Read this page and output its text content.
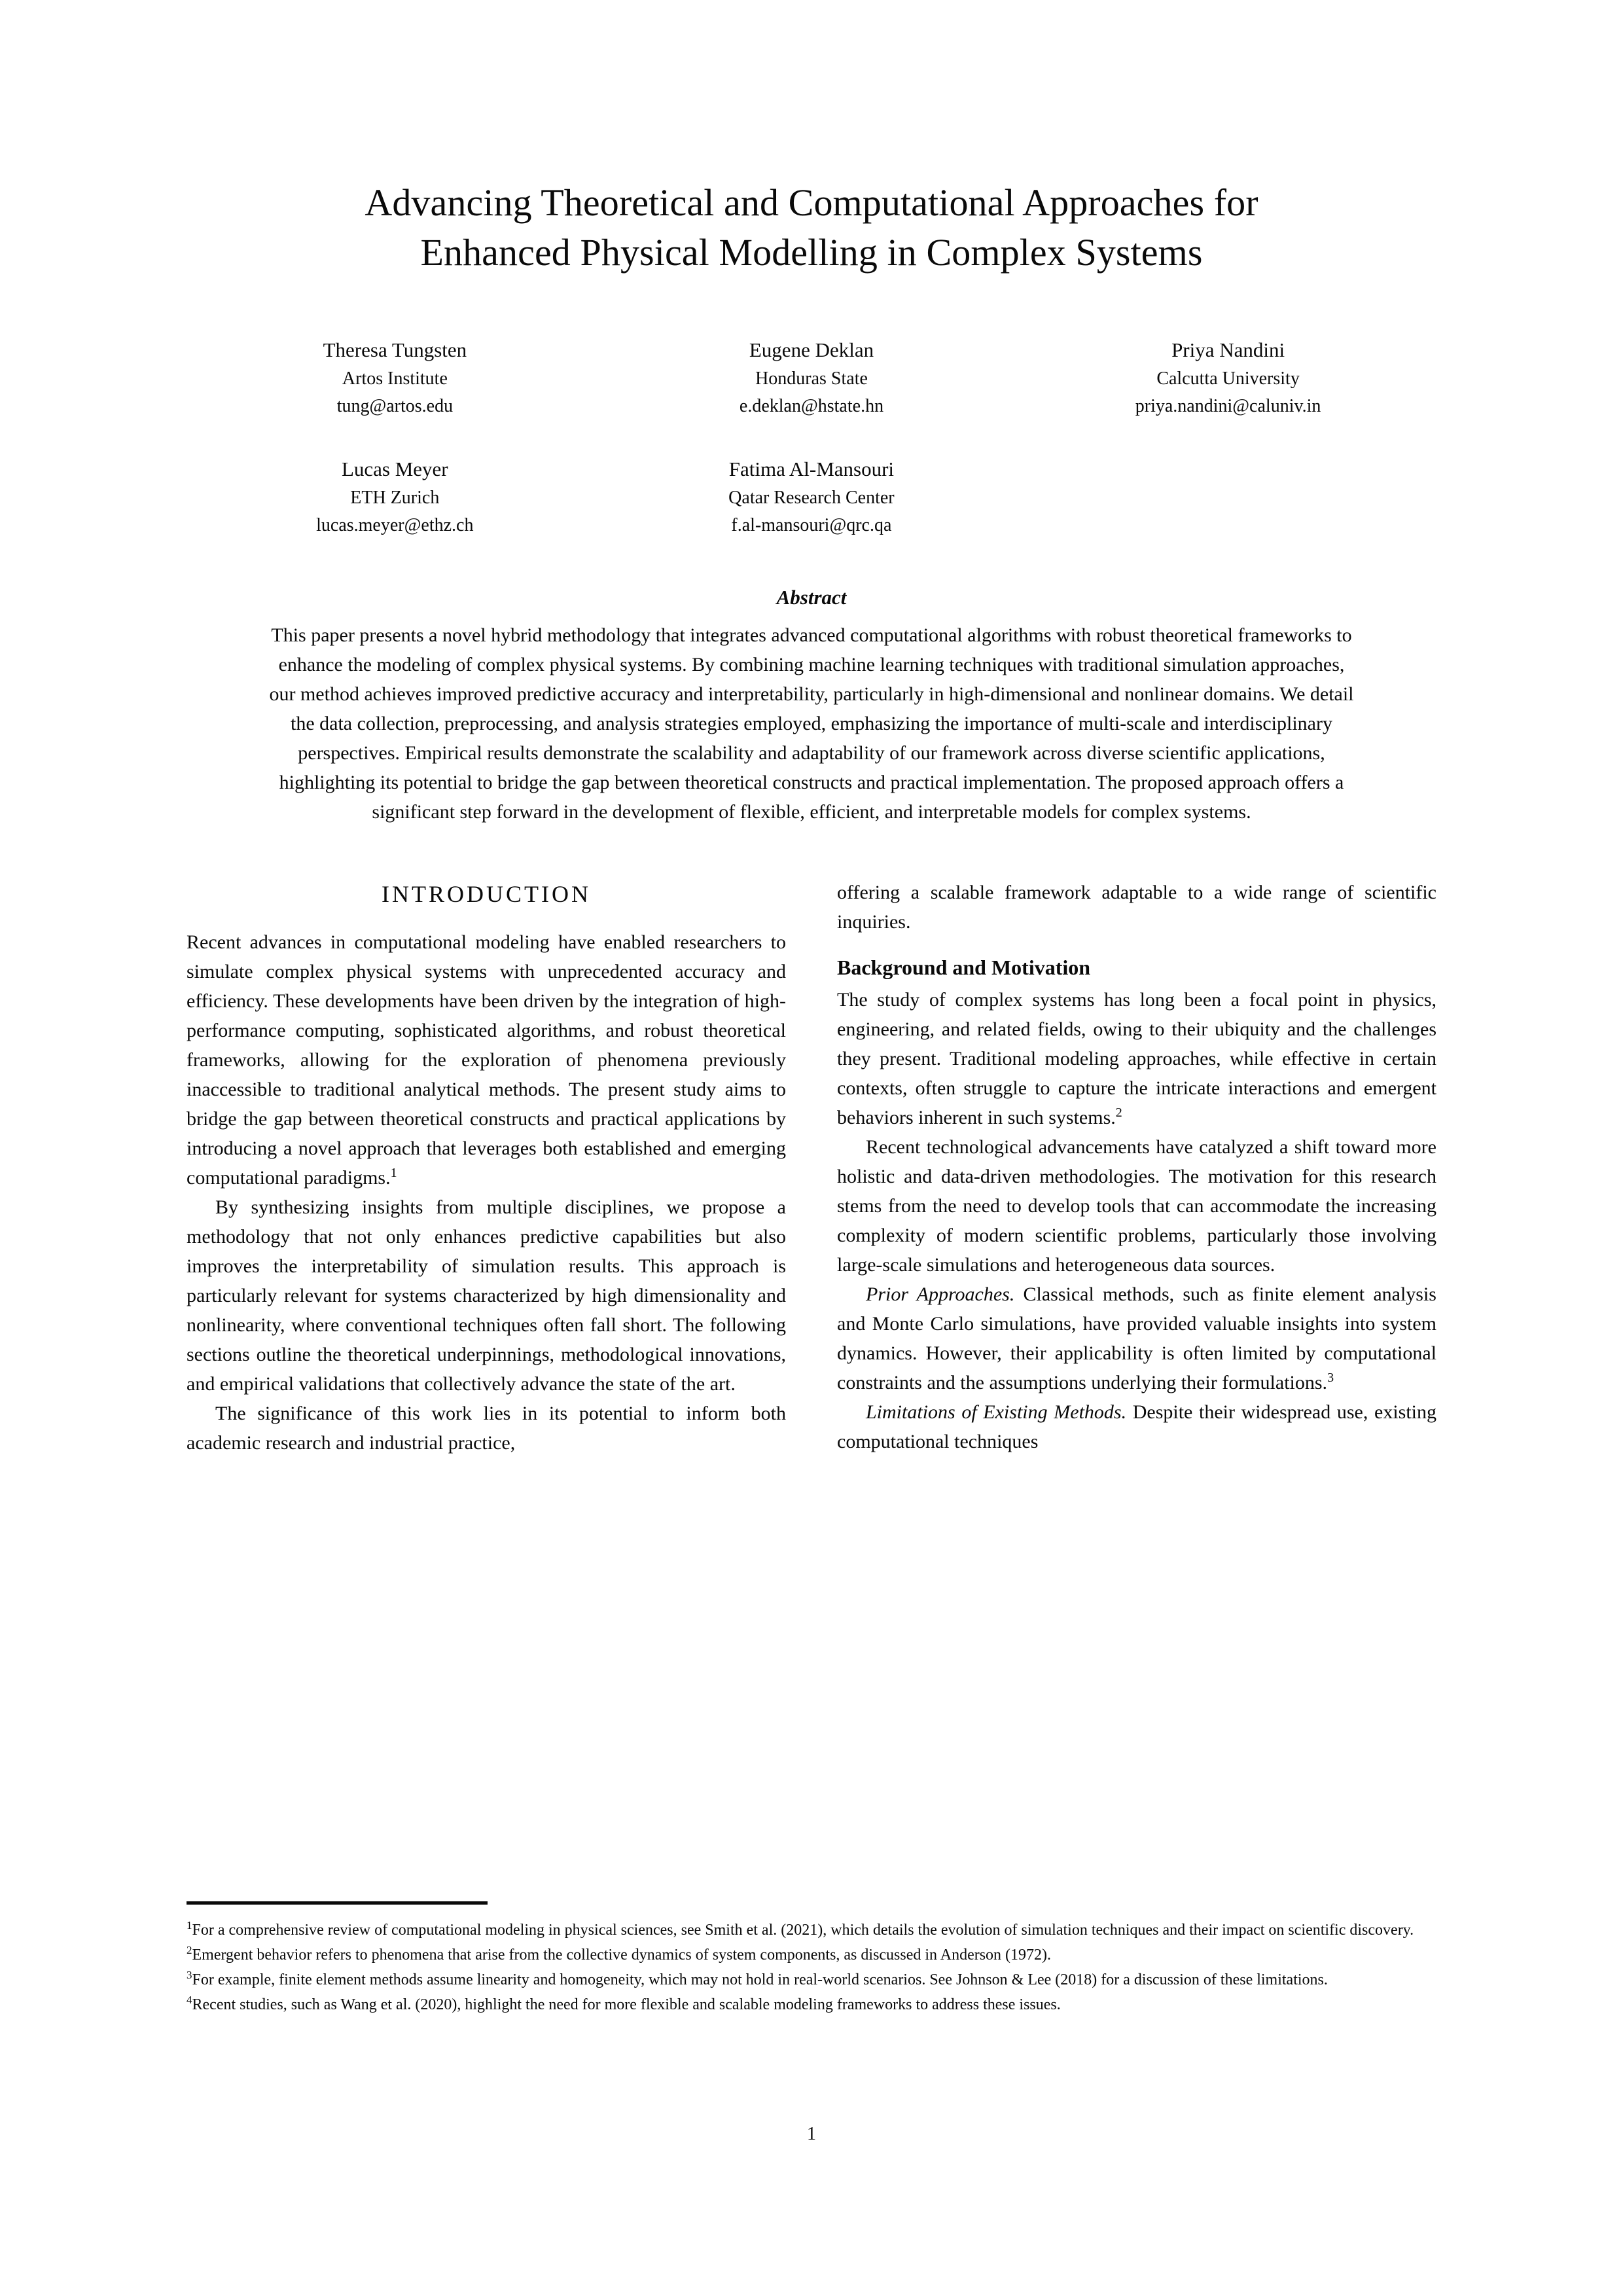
Advancing Theoretical and Computational Approaches for
Enhanced Physical Modelling in Complex Systems
Theresa Tungsten
Artos Institute
tung@artos.edu
Eugene Deklan
Honduras State
e.deklan@hstate.hn
Priya Nandini
Calcutta University
priya.nandini@caluniv.in
Lucas Meyer
ETH Zurich
lucas.meyer@ethz.ch
Fatima Al-Mansouri
Qatar Research Center
f.al-mansouri@qrc.qa
Abstract
This paper presents a novel hybrid methodology that integrates advanced computational algorithms with robust theoretical frameworks to enhance the modeling of complex physical systems. By combining machine learning techniques with traditional simulation approaches, our method achieves improved predictive accuracy and interpretability, particularly in high-dimensional and nonlinear domains. We detail the data collection, preprocessing, and analysis strategies employed, emphasizing the importance of multi-scale and interdisciplinary perspectives. Empirical results demonstrate the scalability and adaptability of our framework across diverse scientific applications, highlighting its potential to bridge the gap between theoretical constructs and practical implementation. The proposed approach offers a significant step forward in the development of flexible, efficient, and interpretable models for complex systems.
INTRODUCTION

Recent advances in computational modeling have enabled researchers to simulate complex physical systems with unprecedented accuracy and efficiency. These developments have been driven by the integration of high-performance computing, sophisticated algorithms, and robust theoretical frameworks, allowing for the exploration of phenomena previously inaccessible to traditional analytical methods. The present study aims to bridge the gap between theoretical constructs and practical applications by introducing a novel approach that leverages both established and emerging computational paradigms.$^1$

By synthesizing insights from multiple disciplines, we propose a methodology that not only enhances predictive capabilities but also improves the interpretability of simulation results. This approach is particularly relevant for systems characterized by high dimensionality and nonlinearity, where conventional techniques often fall short. The following sections outline the theoretical underpinnings, methodological innovations, and empirical validations that collectively advance the state of the art.

The significance of this work lies in its potential to inform both academic research and industrial practice,

offering a scalable framework adaptable to a wide range of scientific inquiries.

Background and Motivation

The study of complex systems has long been a focal point in physics, engineering, and related fields, owing to their ubiquity and the challenges they present. Traditional modeling approaches, while effective in certain contexts, often struggle to capture the intricate interactions and emergent behaviors inherent in such systems.$^2$

Recent technological advancements have catalyzed a shift toward more holistic and data-driven methodologies. The motivation for this research stems from the need to develop tools that can accommodate the increasing complexity of modern scientific problems, particularly those involving large-scale simulations and heterogeneous data sources.

Prior Approaches. Classical methods, such as finite element analysis and Monte Carlo simulations, have provided valuable insights into system dynamics. However, their applicability is often limited by computational constraints and the assumptions underlying their formulations.$^3$

Limitations of Existing Methods. Despite their widespread use, existing computational techniques

$^1$For a comprehensive review of computational modeling in physical sciences, see Smith et al. (2021), which details the evolution of simulation techniques and their impact on scientific discovery.

$^2$Emergent behavior refers to phenomena that arise from the collective dynamics of system components, as discussed in Anderson (1972).

$^3$For example, finite element methods assume linearity and homogeneity, which may not hold in real-world scenarios. See Johnson & Lee (2018) for a discussion of these limitations.

$^4$Recent studies, such as Wang et al. (2020), highlight the need for more flexible and scalable modeling frameworks to address these issues.

1
